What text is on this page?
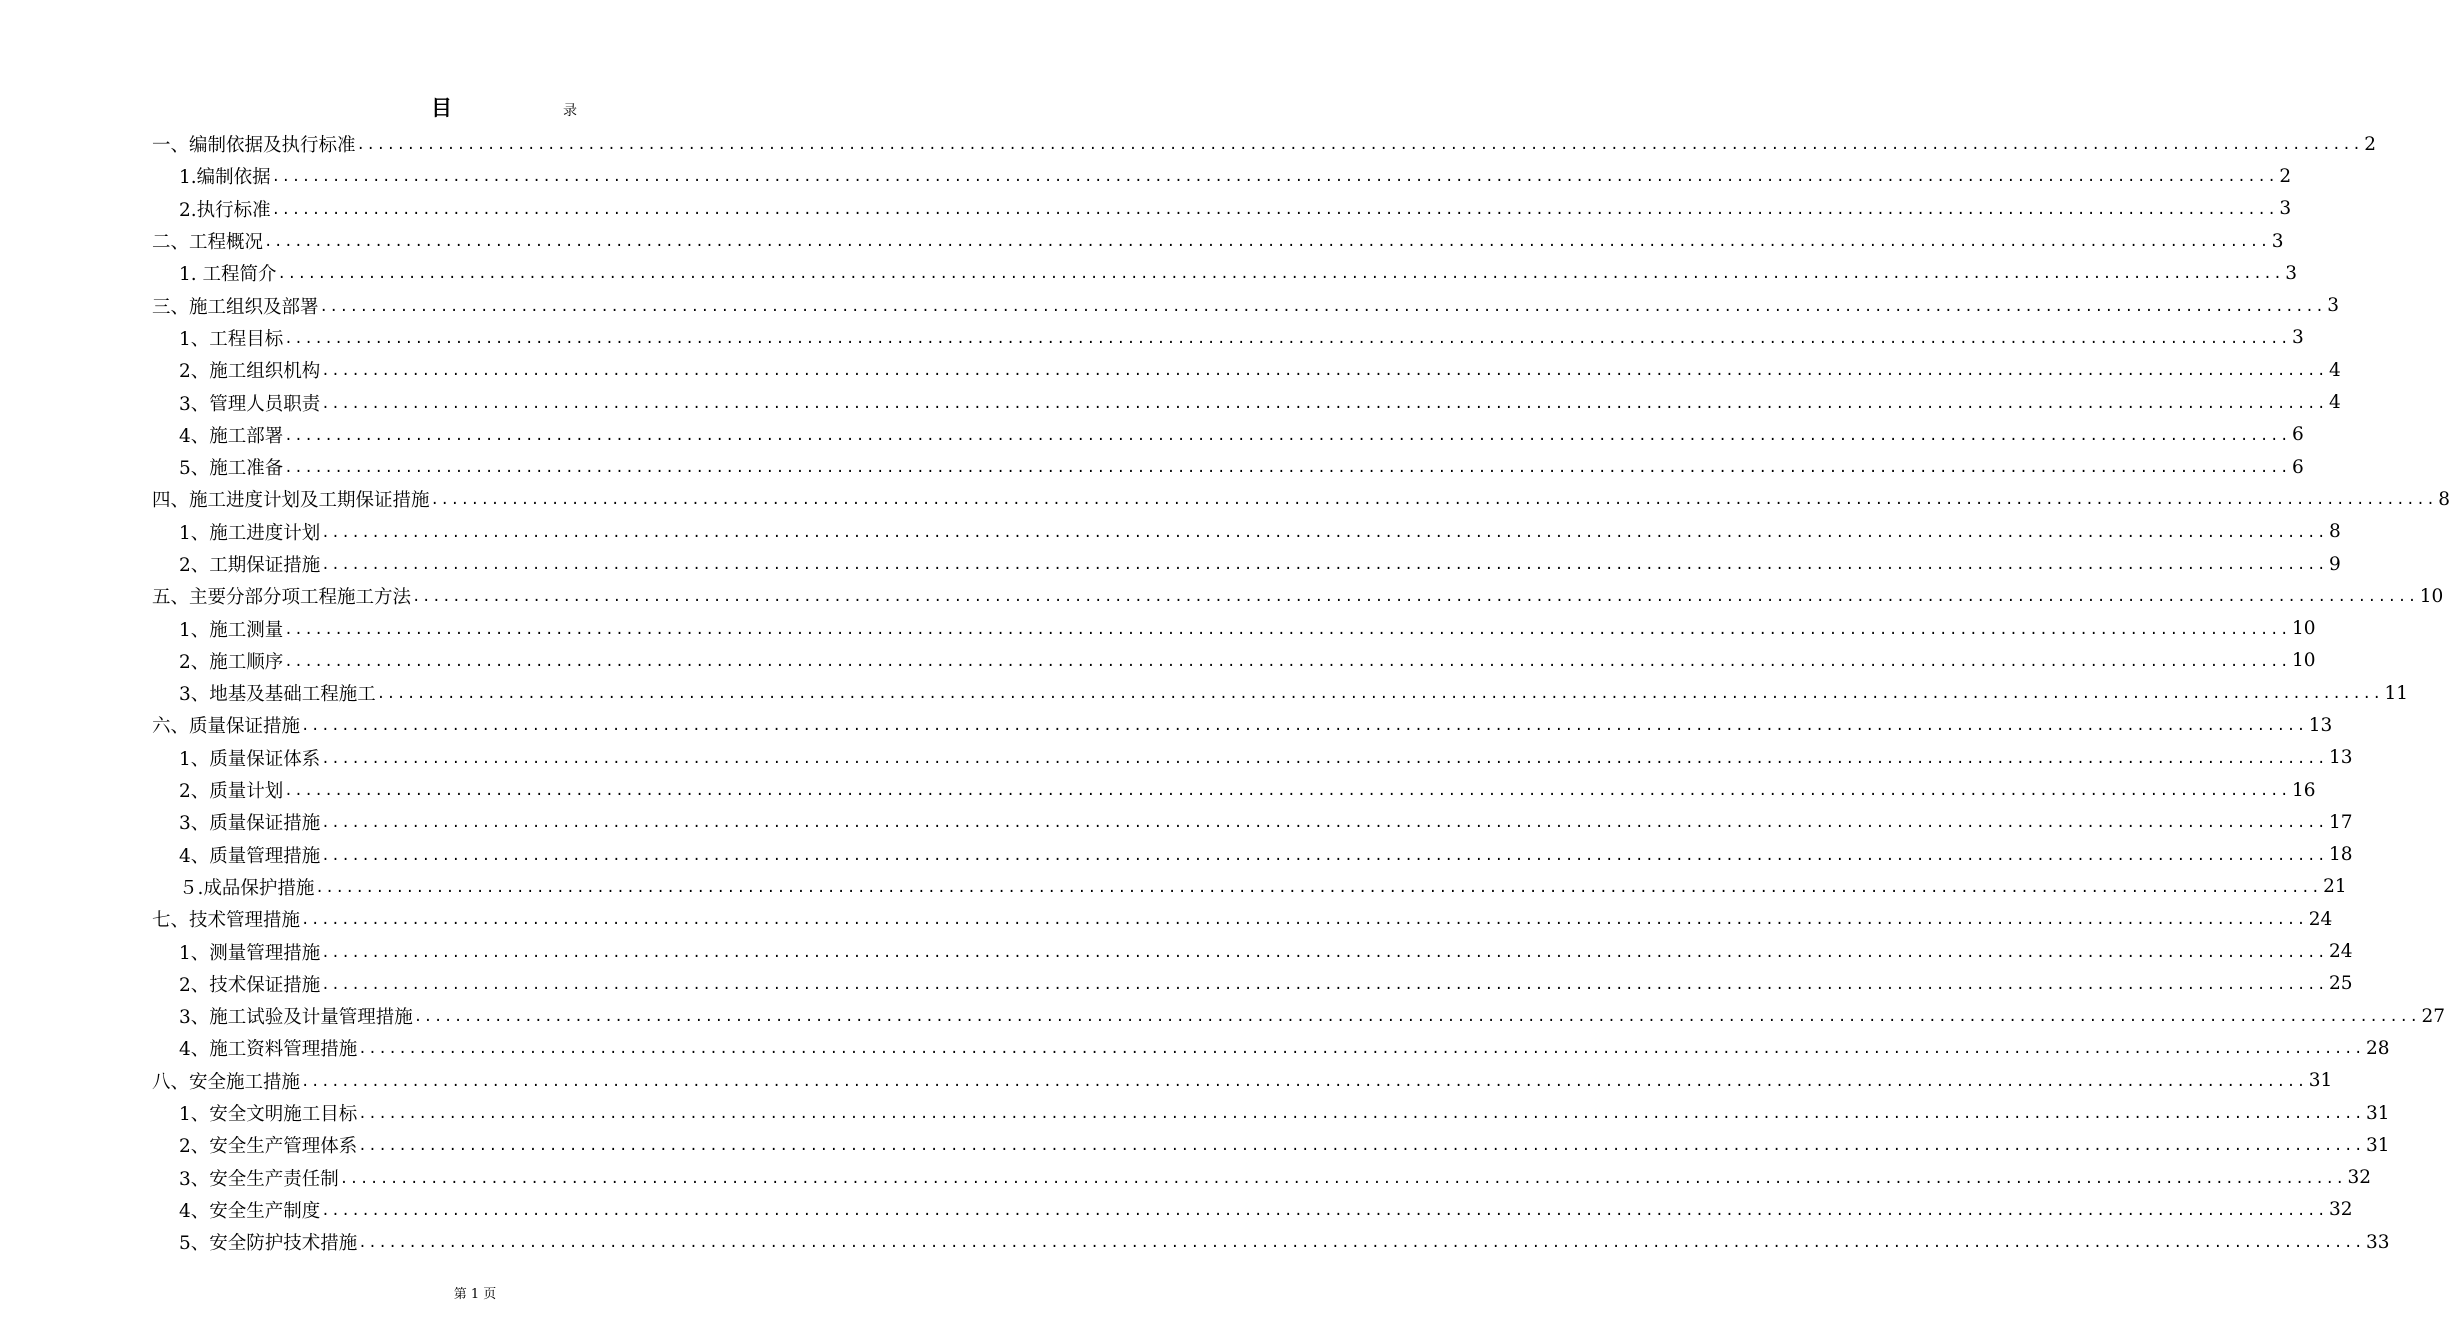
目	录
一、编制依据及执行标准 ........................................................................................................................................................................................................ 2
1.编制依据 ........................................................................................................................................................................................................ 2
2.执行标准 ........................................................................................................................................................................................................ 3
二、工程概况 ........................................................................................................................................................................................................ 3
1. 工程简介 ........................................................................................................................................................................................................ 3
三、施工组织及部署 ........................................................................................................................................................................................................ 3
1、工程目标 ........................................................................................................................................................................................................ 3
2、施工组织机构 ........................................................................................................................................................................................................ 4
3、管理人员职责 ........................................................................................................................................................................................................ 4
4、施工部署 ........................................................................................................................................................................................................ 6
5、施工准备 ........................................................................................................................................................................................................ 6
四、施工进度计划及工期保证措施 ........................................................................................................................................................................................................ 8
1、施工进度计划 ........................................................................................................................................................................................................ 8
2、工期保证措施 ........................................................................................................................................................................................................ 9
五、主要分部分项工程施工方法 ........................................................................................................................................................................................................ 10
1、施工测量 ........................................................................................................................................................................................................ 10
2、施工顺序 ........................................................................................................................................................................................................ 10
3、地基及基础工程施工 ........................................................................................................................................................................................................ 11
六、质量保证措施 ........................................................................................................................................................................................................ 13
1、质量保证体系 ........................................................................................................................................................................................................ 13
2、质量计划 ........................................................................................................................................................................................................ 16
3、质量保证措施 ........................................................................................................................................................................................................ 17
4、质量管理措施 ........................................................................................................................................................................................................ 18
５.成品保护措施 ........................................................................................................................................................................................................ 21
七、技术管理措施 ........................................................................................................................................................................................................ 24
1、测量管理措施 ........................................................................................................................................................................................................ 24
2、技术保证措施 ........................................................................................................................................................................................................ 25
3、施工试验及计量管理措施 ........................................................................................................................................................................................................ 27
4、施工资料管理措施 ........................................................................................................................................................................................................ 28
八、安全施工措施 ........................................................................................................................................................................................................ 31
1、安全文明施工目标 ........................................................................................................................................................................................................ 31
2、安全生产管理体系 ........................................................................................................................................................................................................ 31
3、安全生产责任制 ........................................................................................................................................................................................................ 32
4、安全生产制度 ........................................................................................................................................................................................................ 32
5、安全防护技术措施 ........................................................................................................................................................................................................ 33
第 1 页
